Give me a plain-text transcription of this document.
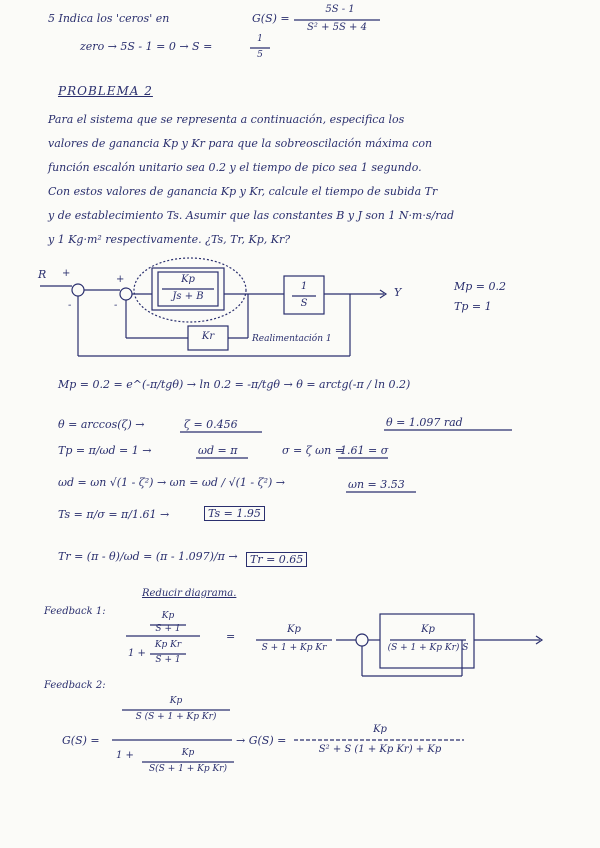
5 Indica los 'ceros' en	G(S) =
5S - 1
S² + 5S + 4
zero → 5S - 1 = 0 → S =
1
5
PROBLEMA 2
Para el sistema que se representa a continuación, especifica los
valores de ganancia Kp y Kr para que la sobreoscilación máxima con
función escalón unitario sea 0.2 y el tiempo de pico sea 1 segundo.
Con estos valores de ganancia Kp y Kr, calcule el tiempo de subida Tr
y de establecimiento Ts. Asumir que las constantes B y J son 1 N·m·s/rad
y 1 Kg·m² respectivamente. ¿Ts, Tr, Kp, Kr?
R +
+
-	-
Kp
Js + B
1
S
Y
Kr	Realimentación 1
Mp = 0.2
Tp = 1
Mp = 0.2 = e^(-π/tgθ) → ln 0.2 = -π/tgθ → θ = arctg(-π / ln 0.2)
θ = 1.097 rad
θ = arccos(ζ) →	ζ = 0.456
Tp = π/ωd = 1 →	ωd = π	σ = ζ ωn =
1.61 = σ
ωd = ωn √(1 - ζ²) → ωn = ωd / √(1 - ζ²) →	ωn = 3.53
Ts = π/σ = π/1.61 →	Ts = 1.95
Tr = (π - θ)/ωd = (π - 1.097)/π →	Tr = 0.65
Reducir diagrama.
Feedback 1:	Kp
S + 1
1 +
Kp Kr
S + 1
=
Kp
S + 1 + Kp Kr
Kp
(S + 1 + Kp Kr) S
Feedback 2:
G(S) =
Kp
S (S + 1 + Kp Kr)
1 +	Kp
S(S + 1 + Kp Kr)
→ G(S) =
Kp
S² + S (1 + Kp Kr) + Kp
